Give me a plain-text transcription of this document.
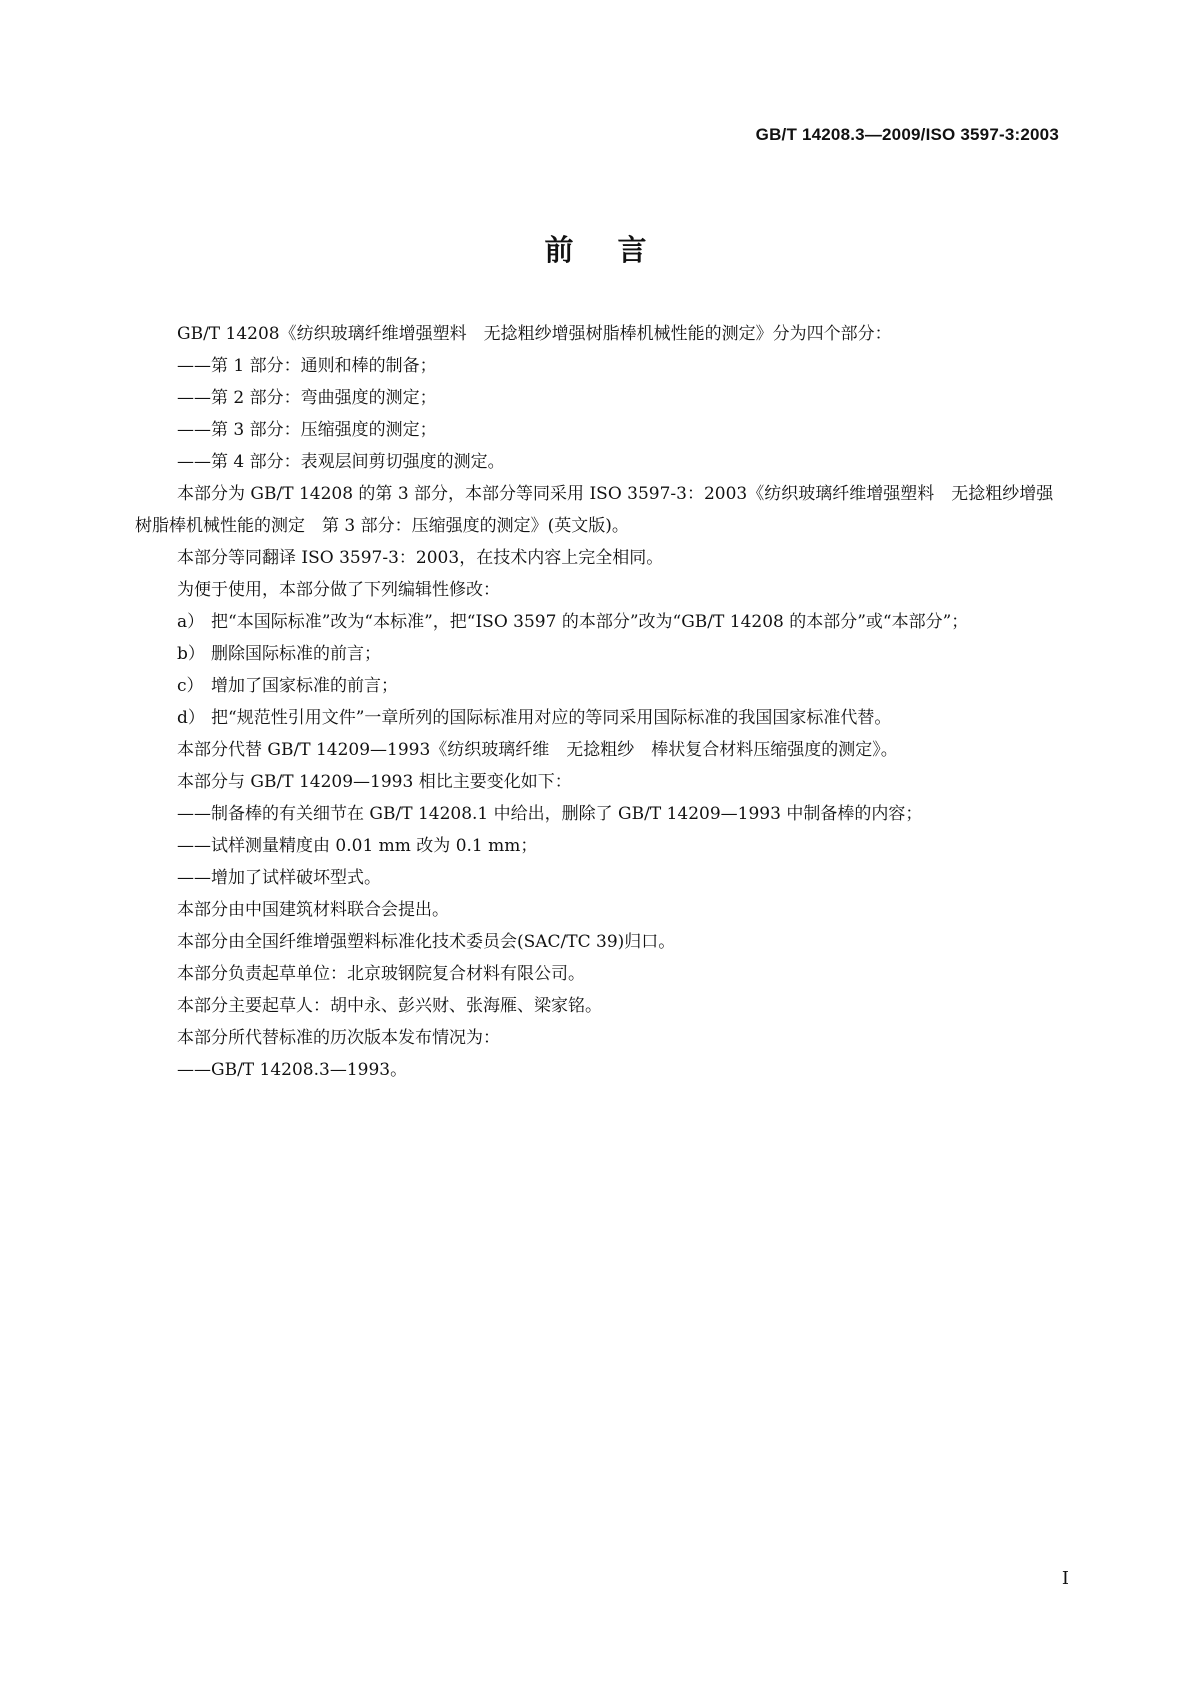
GB/T 14208.3—2009/ISO 3597-3:2003
前言

GB/T 14208《纺织玻璃纤维增强塑料　无捻粗纱增强树脂棒机械性能的测定》分为四个部分：

——第 1 部分：通则和棒的制备；

——第 2 部分：弯曲强度的测定；

——第 3 部分：压缩强度的测定；

——第 4 部分：表观层间剪切强度的测定。

本部分为 GB/T 14208 的第 3 部分，本部分等同采用 ISO 3597-3：2003《纺织玻璃纤维增强塑料　无捻粗纱增强树脂棒机械性能的测定　第 3 部分：压缩强度的测定》(英文版)。

本部分等同翻译 ISO 3597-3：2003，在技术内容上完全相同。

为便于使用，本部分做了下列编辑性修改：

a） 把“本国际标准”改为“本标准”，把“ISO 3597 的本部分”改为“GB/T 14208 的本部分”或“本部分”；
b） 删除国际标准的前言；
c） 增加了国家标准的前言；
d） 把“规范性引用文件”一章所列的国际标准用对应的等同采用国际标准的我国国家标准代替。

本部分代替 GB/T 14209—1993《纺织玻璃纤维　无捻粗纱　棒状复合材料压缩强度的测定》。

本部分与 GB/T 14209—1993 相比主要变化如下：

——制备棒的有关细节在 GB/T 14208.1 中给出，删除了 GB/T 14209—1993 中制备棒的内容；

——试样测量精度由 0.01 mm 改为 0.1 mm；

——增加了试样破坏型式。

本部分由中国建筑材料联合会提出。

本部分由全国纤维增强塑料标准化技术委员会(SAC/TC 39)归口。

本部分负责起草单位：北京玻钢院复合材料有限公司。

本部分主要起草人：胡中永、彭兴财、张海雁、梁家铭。

本部分所代替标准的历次版本发布情况为：

——GB/T 14208.3—1993。

I
